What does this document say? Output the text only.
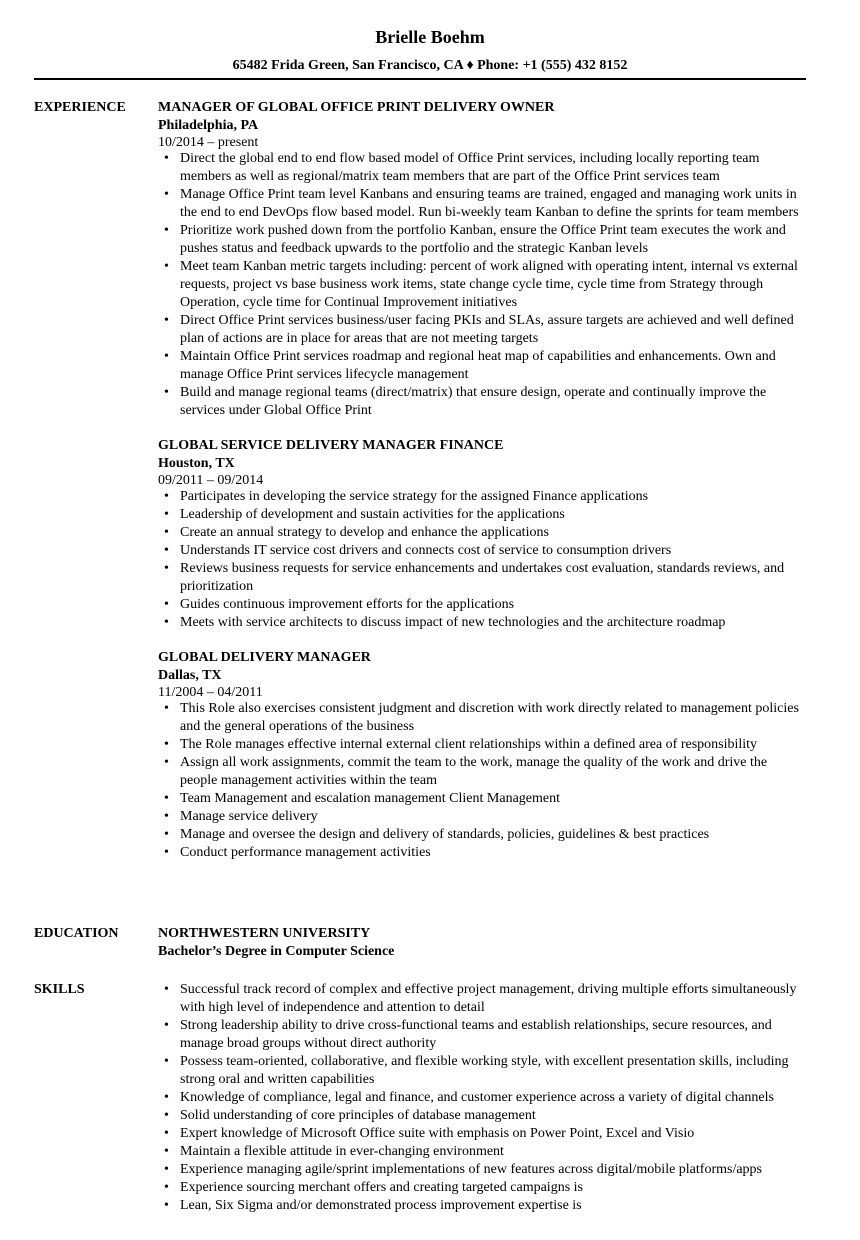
Brielle Boehm
65482 Frida Green, San Francisco, CA ♦ Phone: +1 (555) 432 8152
EXPERIENCE MANAGER OF GLOBAL OFFICE PRINT DELIVERY OWNER
Philadelphia, PA
10/2014 – present
• Direct the global end to end flow based model of Office Print services, including locally reporting team members as well as regional/matrix team members that are part of the Office Print services team
• Manage Office Print team level Kanbans and ensuring teams are trained, engaged and managing work units in the end to end DevOps flow based model. Run bi-weekly team Kanban to define the sprints for team members
• Prioritize work pushed down from the portfolio Kanban, ensure the Office Print team executes the work and pushes status and feedback upwards to the portfolio and the strategic Kanban levels
• Meet team Kanban metric targets including: percent of work aligned with operating intent, internal vs external requests, project vs base business work items, state change cycle time, cycle time from Strategy through Operation, cycle time for Continual Improvement initiatives
• Direct Office Print services business/user facing PKIs and SLAs, assure targets are achieved and well defined plan of actions are in place for areas that are not meeting targets
• Maintain Office Print services roadmap and regional heat map of capabilities and enhancements. Own and manage Office Print services lifecycle management
• Build and manage regional teams (direct/matrix) that ensure design, operate and continually improve the services under Global Office Print
GLOBAL SERVICE DELIVERY MANAGER FINANCE
Houston, TX
09/2011 – 09/2014
• Participates in developing the service strategy for the assigned Finance applications
• Leadership of development and sustain activities for the applications
• Create an annual strategy to develop and enhance the applications
• Understands IT service cost drivers and connects cost of service to consumption drivers
• Reviews business requests for service enhancements and undertakes cost evaluation, standards reviews, and prioritization
• Guides continuous improvement efforts for the applications
• Meets with service architects to discuss impact of new technologies and the architecture roadmap
GLOBAL DELIVERY MANAGER
Dallas, TX
11/2004 – 04/2011
• This Role also exercises consistent judgment and discretion with work directly related to management policies and the general operations of the business
• The Role manages effective internal external client relationships within a defined area of responsibility
• Assign all work assignments, commit the team to the work, manage the quality of the work and drive the people management activities within the team
• Team Management and escalation management Client Management
• Manage service delivery
• Manage and oversee the design and delivery of standards, policies, guidelines & best practices
• Conduct performance management activities
EDUCATION	NORTHWESTERN UNIVERSITY
Bachelor’s Degree in Computer Science
SKILLS	• Successful track record of complex and effective project management, driving multiple efforts simultaneously with high level of independence and attention to detail
• Strong leadership ability to drive cross-functional teams and establish relationships, secure resources, and manage broad groups without direct authority
• Possess team-oriented, collaborative, and flexible working style, with excellent presentation skills, including strong oral and written capabilities
• Knowledge of compliance, legal and finance, and customer experience across a variety of digital channels
• Solid understanding of core principles of database management
• Expert knowledge of Microsoft Office suite with emphasis on Power Point, Excel and Visio
• Maintain a flexible attitude in ever-changing environment
• Experience managing agile/sprint implementations of new features across digital/mobile platforms/apps
• Experience sourcing merchant offers and creating targeted campaigns is
• Lean, Six Sigma and/or demonstrated process improvement expertise is
